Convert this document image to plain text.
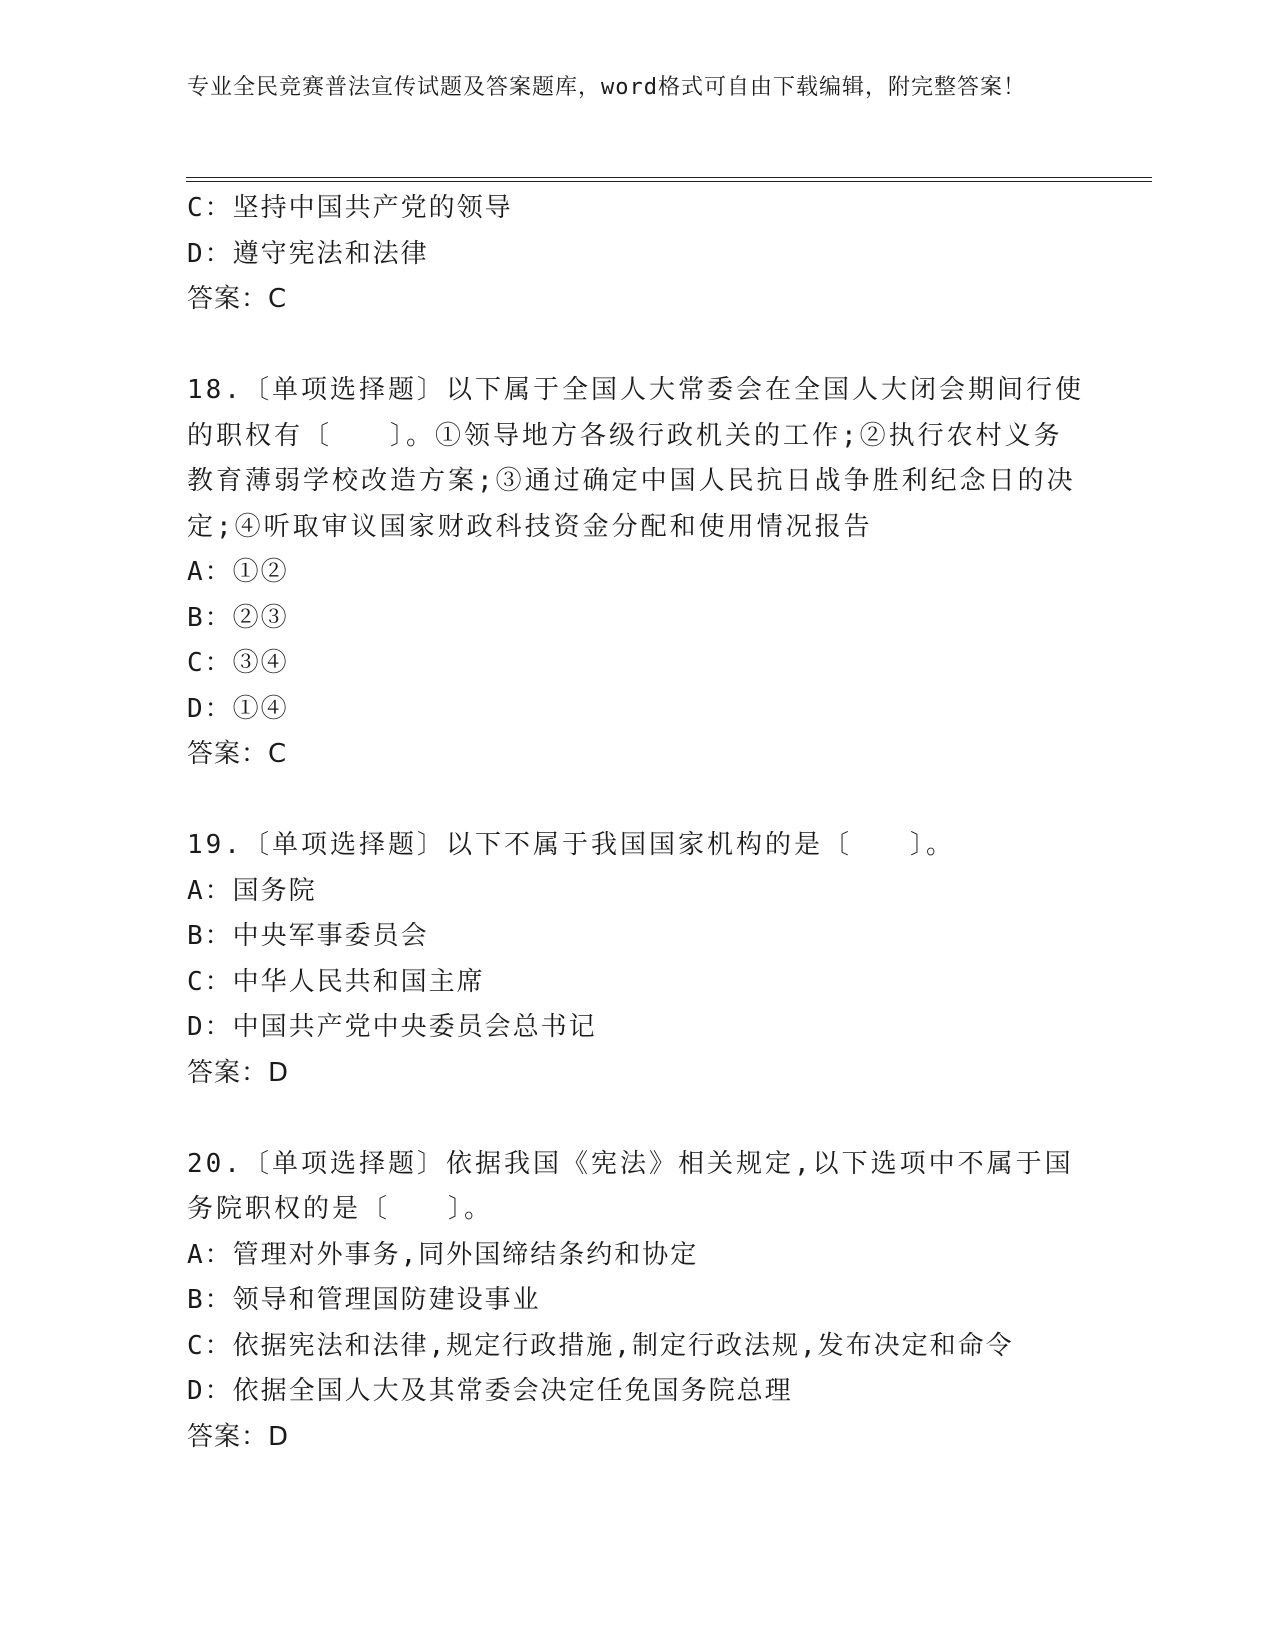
专业全民竞赛普法宣传试题及答案题库，word格式可自由下载编辑，附完整答案！
C：坚持中国共产党的领导
D：遵守宪法和法律
答案：C
18.〔单项选择题〕以下属于全国人大常委会在全国人大闭会期间行使
的职权有〔　　〕。①领导地方各级行政机关的工作;②执行农村义务
教育薄弱学校改造方案;③通过确定中国人民抗日战争胜利纪念日的决
定;④听取审议国家财政科技资金分配和使用情况报告
A：①②
B：②③
C：③④
D：①④
答案：C
19.〔单项选择题〕以下不属于我国国家机构的是〔　　〕。
A：国务院
B：中央军事委员会
C：中华人民共和国主席
D：中国共产党中央委员会总书记
答案：D
20.〔单项选择题〕依据我国《宪法》相关规定,以下选项中不属于国
务院职权的是〔　　〕。
A：管理对外事务,同外国缔结条约和协定
B：领导和管理国防建设事业
C：依据宪法和法律,规定行政措施,制定行政法规,发布决定和命令
D：依据全国人大及其常委会决定任免国务院总理
答案：D
